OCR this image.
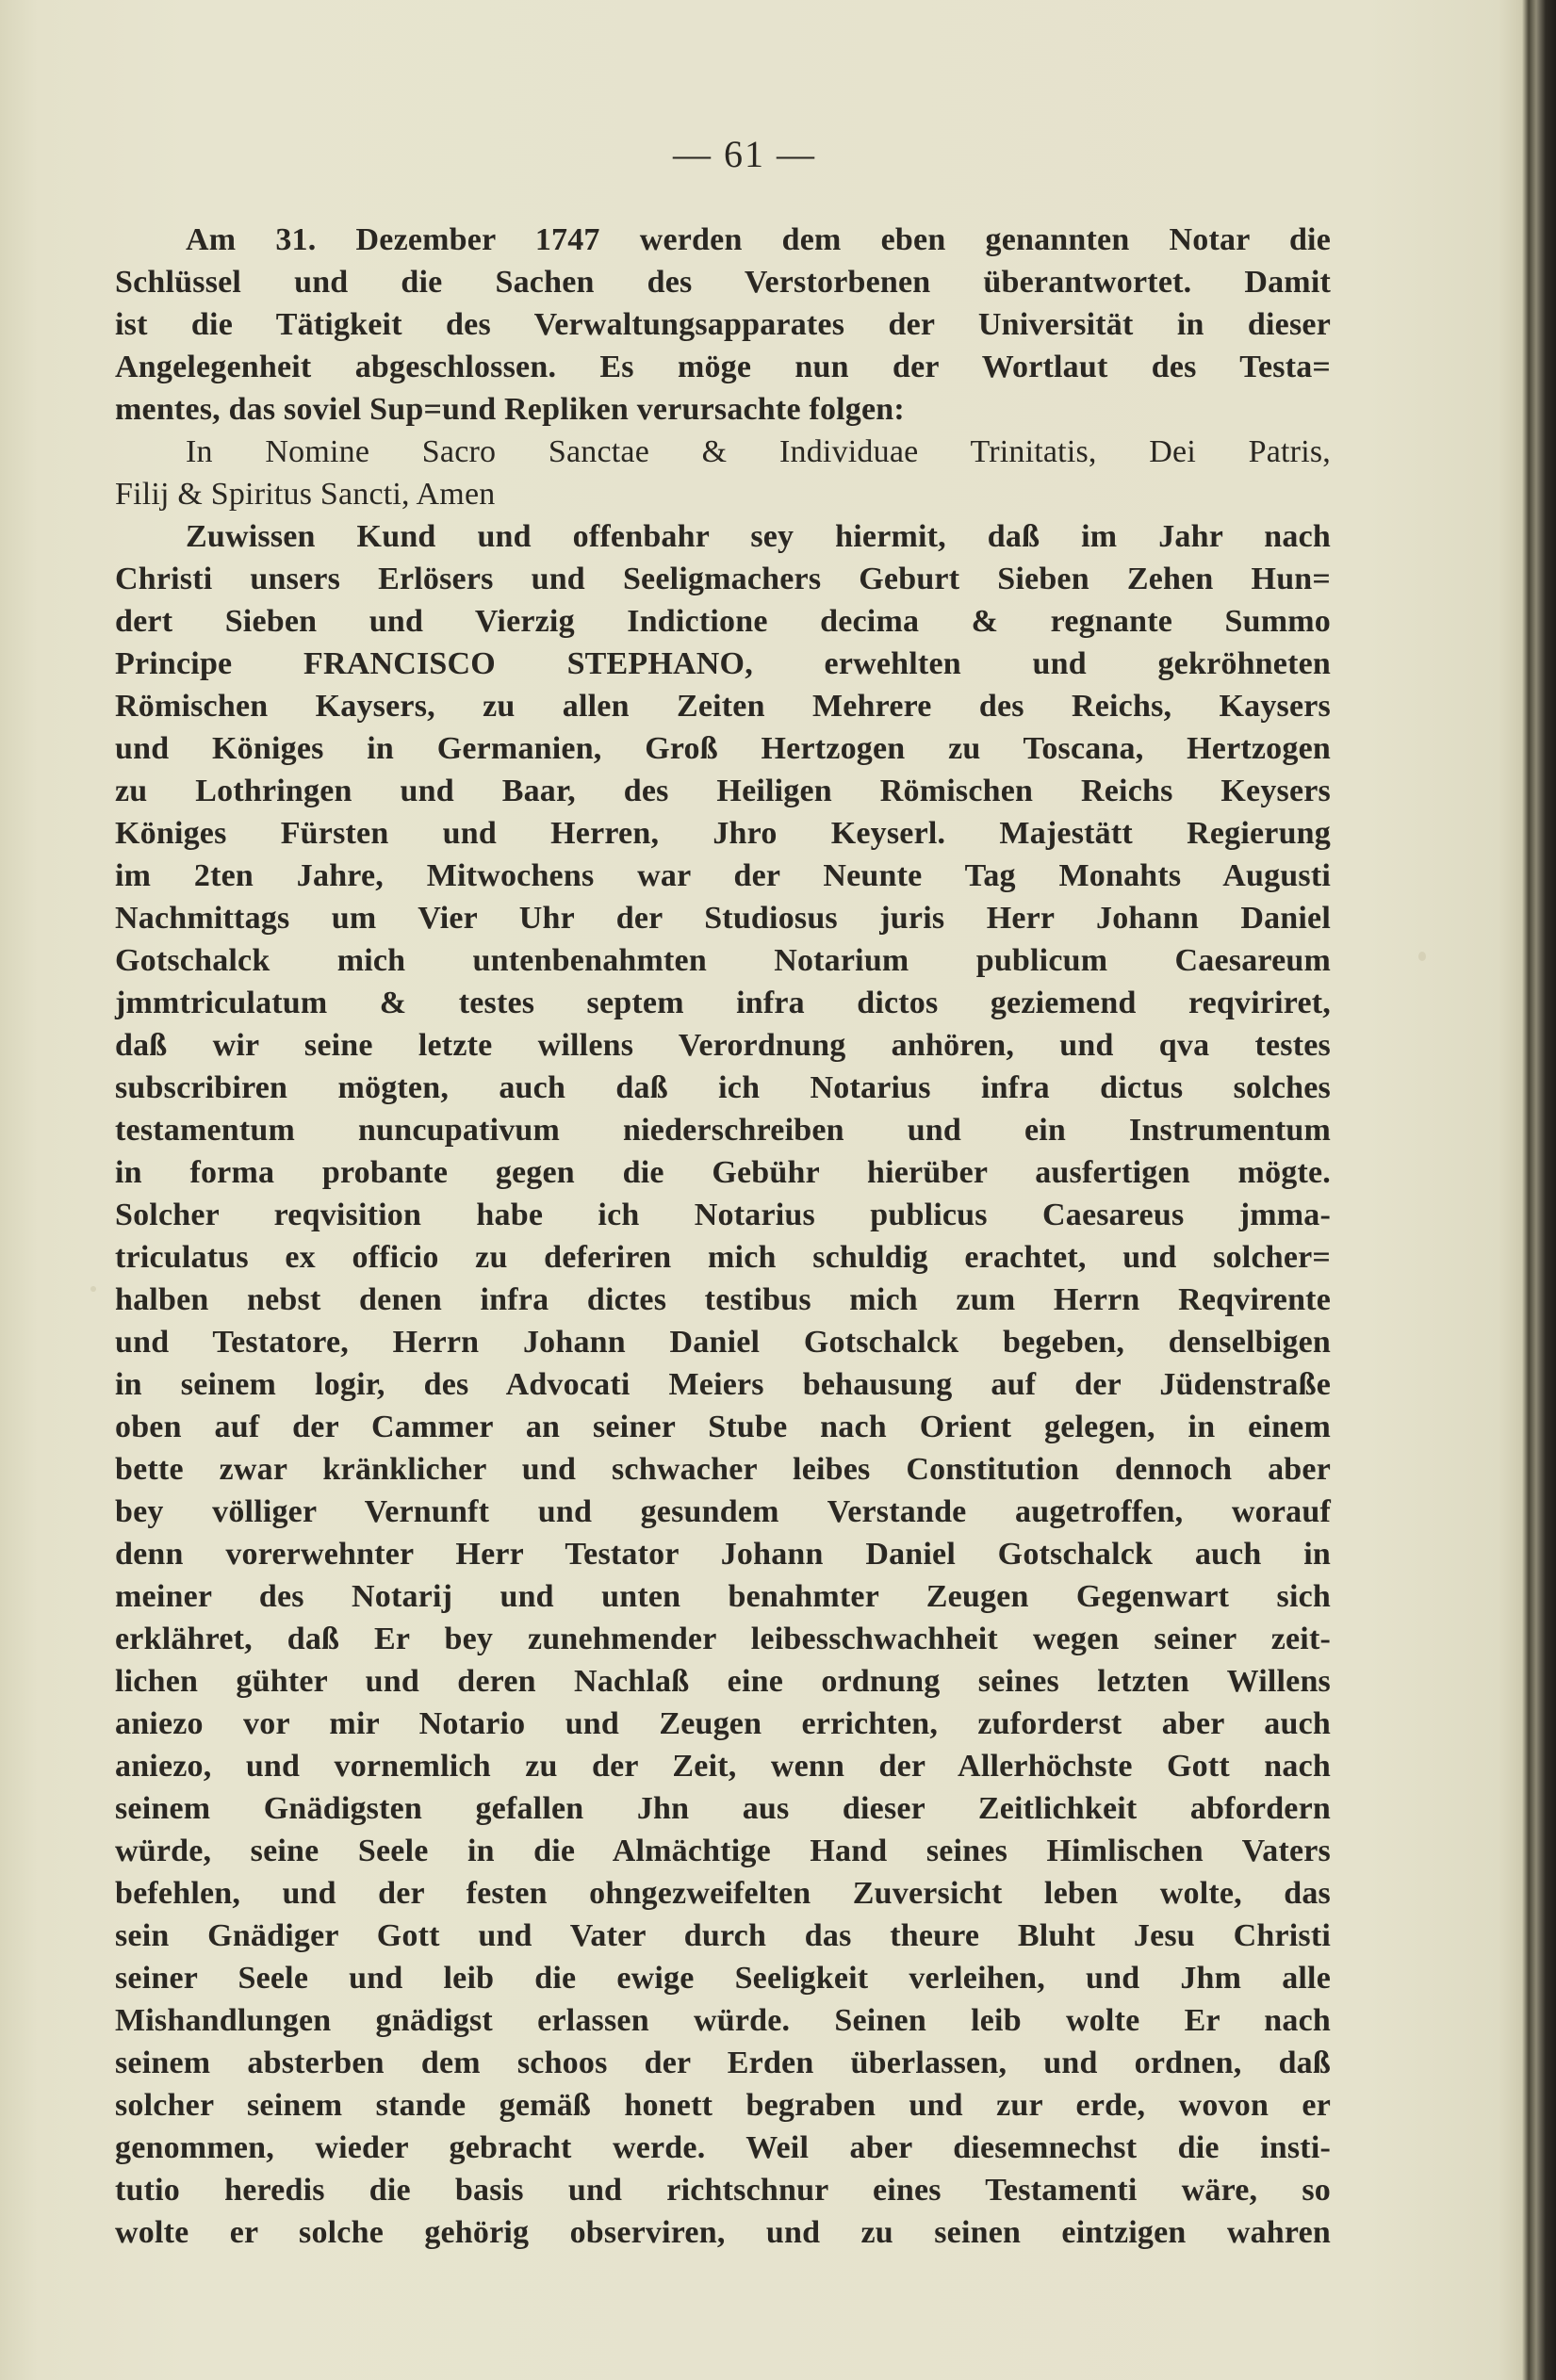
— 61 —
Am 31. Dezember 1747 werden dem eben genannten Notar die
Schlüssel und die Sachen des Verstorbenen überantwortet. Damit
ist die Tätigkeit des Verwaltungsapparates der Universität in dieser
Angelegenheit abgeschlossen. Es möge nun der Wortlaut des Testa=
mentes, das soviel Sup=und Repliken verursachte folgen:
In Nomine Sacro Sanctae & Individuae Trinitatis, Dei Patris,
Filij & Spiritus Sancti, Amen
Zuwissen Kund und offenbahr sey hiermit, daß im Jahr nach
Christi unsers Erlösers und Seeligmachers Geburt Sieben Zehen Hun=
dert Sieben und Vierzig Indictione decima & regnante Summo
Principe FRANCISCO STEPHANO, erwehlten und gekröhneten
Römischen Kaysers, zu allen Zeiten Mehrere des Reichs, Kaysers
und Königes in Germanien, Groß Hertzogen zu Toscana, Hertzogen
zu Lothringen und Baar, des Heiligen Römischen Reichs Keysers
Königes Fürsten und Herren, Jhro Keyserl. Majestätt Regierung
im 2ten Jahre, Mitwochens war der Neunte Tag Monahts Augusti
Nachmittags um Vier Uhr der Studiosus juris Herr Johann Daniel
Gotschalck mich untenbenahmten Notarium publicum Caesareum
jmmtriculatum & testes septem infra dictos geziemend reqviriret,
daß wir seine letzte willens Verordnung anhören, und qva testes
subscribiren mögten, auch daß ich Notarius infra dictus solches
testamentum nuncupativum niederschreiben und ein Instrumentum
in forma probante gegen die Gebühr hierüber ausfertigen mögte.
Solcher reqvisition habe ich Notarius publicus Caesareus jmma-
triculatus ex officio zu deferiren mich schuldig erachtet, und solcher=
halben nebst denen infra dictes testibus mich zum Herrn Reqvirente
und Testatore, Herrn Johann Daniel Gotschalck begeben, denselbigen
in seinem logir, des Advocati Meiers behausung auf der Jüdenstraße
oben auf der Cammer an seiner Stube nach Orient gelegen, in einem
bette zwar kränklicher und schwacher leibes Constitution dennoch aber
bey völliger Vernunft und gesundem Verstande augetroffen, worauf
denn vorerwehnter Herr Testator Johann Daniel Gotschalck auch in
meiner des Notarij und unten benahmter Zeugen Gegenwart sich
erklähret, daß Er bey zunehmender leibesschwachheit wegen seiner zeit-
lichen gühter und deren Nachlaß eine ordnung seines letzten Willens
aniezo vor mir Notario und Zeugen errichten, zuforderst aber auch
aniezo, und vornemlich zu der Zeit, wenn der Allerhöchste Gott nach
seinem Gnädigsten gefallen Jhn aus dieser Zeitlichkeit abfordern
würde, seine Seele in die Almächtige Hand seines Himlischen Vaters
befehlen, und der festen ohngezweifelten Zuversicht leben wolte, das
sein Gnädiger Gott und Vater durch das theure Bluht Jesu Christi
seiner Seele und leib die ewige Seeligkeit verleihen, und Jhm alle
Mishandlungen gnädigst erlassen würde. Seinen leib wolte Er nach
seinem absterben dem schoos der Erden überlassen, und ordnen, daß
solcher seinem stande gemäß honett begraben und zur erde, wovon er
genommen, wieder gebracht werde. Weil aber diesemnechst die insti-
tutio heredis die basis und richtschnur eines Testamenti wäre, so
wolte er solche gehörig observiren, und zu seinen eintzigen wahren
